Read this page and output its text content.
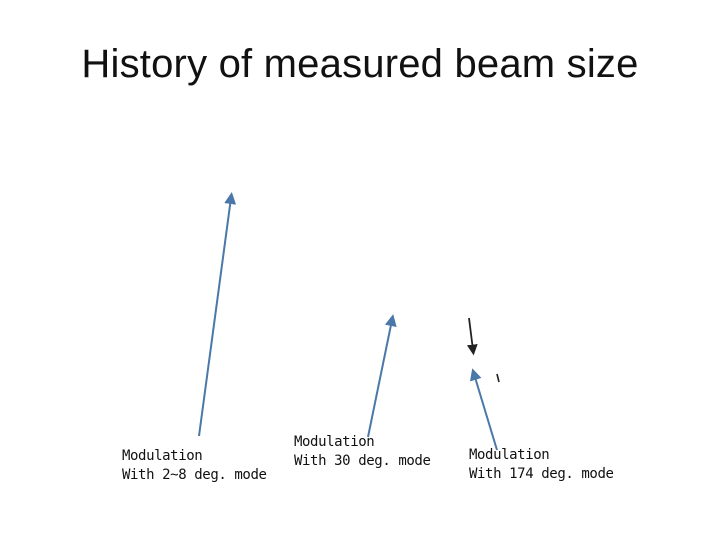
History of measured beam size
Modulation
With 2~8 deg. mode
Modulation
With 30 deg. mode	Modulation
With 174 deg. mode
